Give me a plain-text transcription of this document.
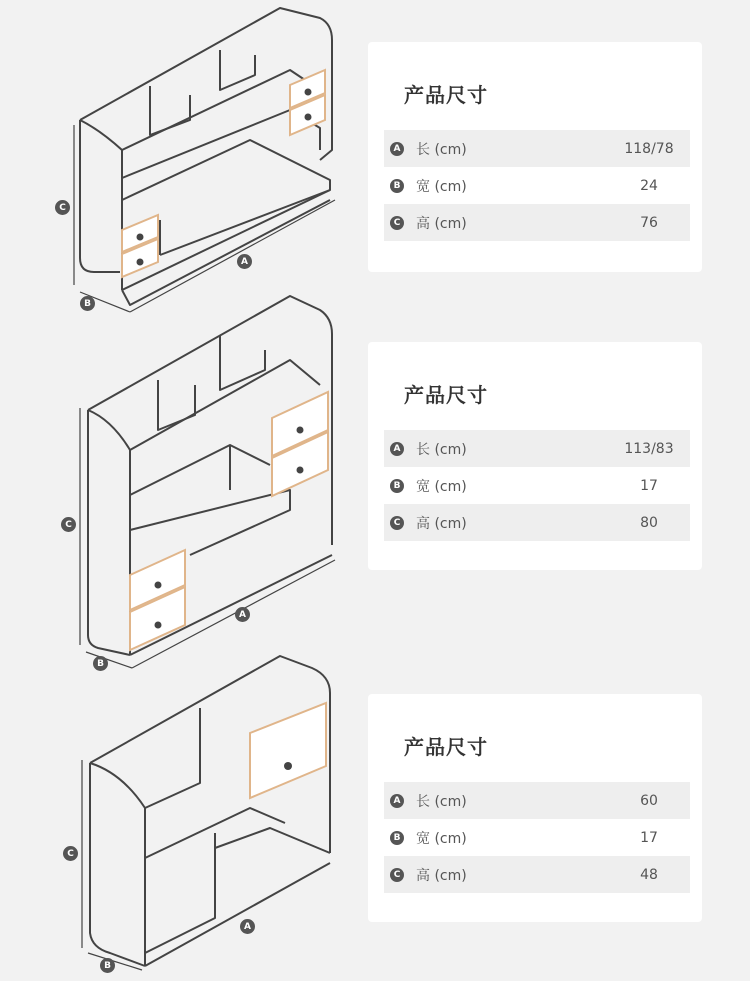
C
B
A
产品尺寸
A 长 (cm)	118/78
B 宽 (cm)	24
C 高 (cm)	76
C
B
A
产品尺寸
A 长 (cm)	113/83
B 宽 (cm)	17
C 高 (cm)	80
C
B
A
产品尺寸
A 长 (cm)	60
B 宽 (cm)	17
C 高 (cm)	48
